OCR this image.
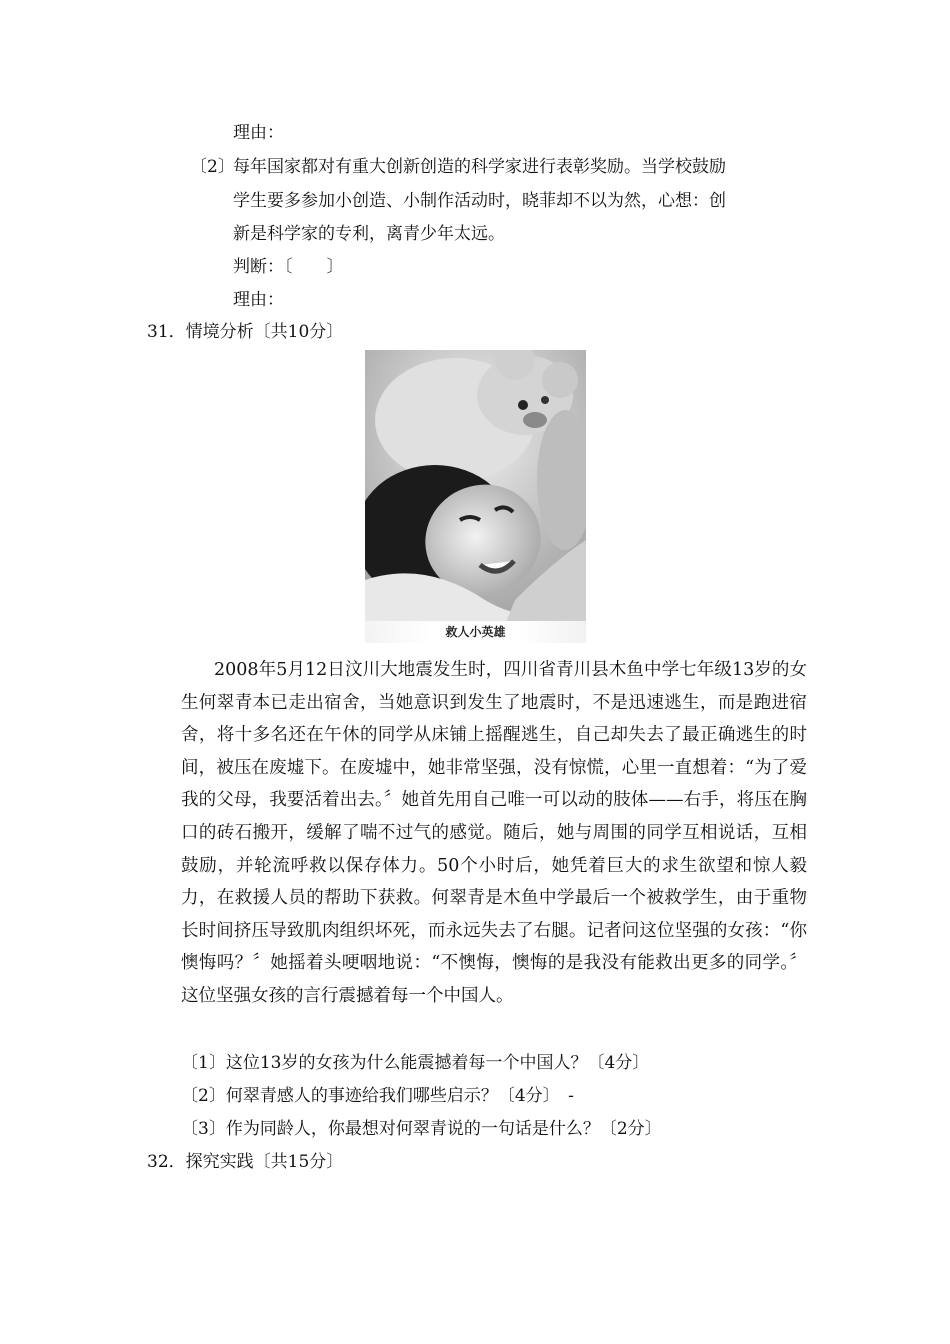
理由：
〔2〕
每年国家都对有重大创新创造的科学家进行表彰奖励。当学校鼓励
学生要多参加小创造、小制作活动时，晓菲却不以为然，心想：创
新是科学家的专利，离青少年太远。
判断：〔　　〕
理由：
31．情境分析〔共10分〕
救人小英雄
2008年5月12日汶川大地震发生时，四川省青川县木鱼中学七年级13岁的女生何翠青本已走出宿舍，当她意识到发生了地震时，不是迅速逃生，而是跑进宿舍，将十多名还在午休的同学从床铺上摇醒逃生，自己却失去了最正确逃生的时间，被压在废墟下。在废墟中，她非常坚强，没有惊慌，心里一直想着：“为了爱我的父母，我要活着出去。〞她首先用自己唯一可以动的肢体——右手，将压在胸口的砖石搬开，缓解了喘不过气的感觉。随后，她与周围的同学互相说话，互相鼓励，并轮流呼救以保存体力。50个小时后，她凭着巨大的求生欲望和惊人毅力，在救援人员的帮助下获救。何翠青是木鱼中学最后一个被救学生，由于重物长时间挤压导致肌肉组织坏死，而永远失去了右腿。记者问这位坚强的女孩：“你懊悔吗？〞她摇着头哽咽地说：“不懊悔，懊悔的是我没有能救出更多的同学。〞这位坚强女孩的言行震撼着每一个中国人。
〔1〕这位13岁的女孩为什么能震撼着每一个中国人？〔4分〕
〔2〕何翠青感人的事迹给我们哪些启示？〔4分〕　-
〔3〕作为同龄人，你最想对何翠青说的一句话是什么？〔2分〕
32．探究实践〔共15分〕
